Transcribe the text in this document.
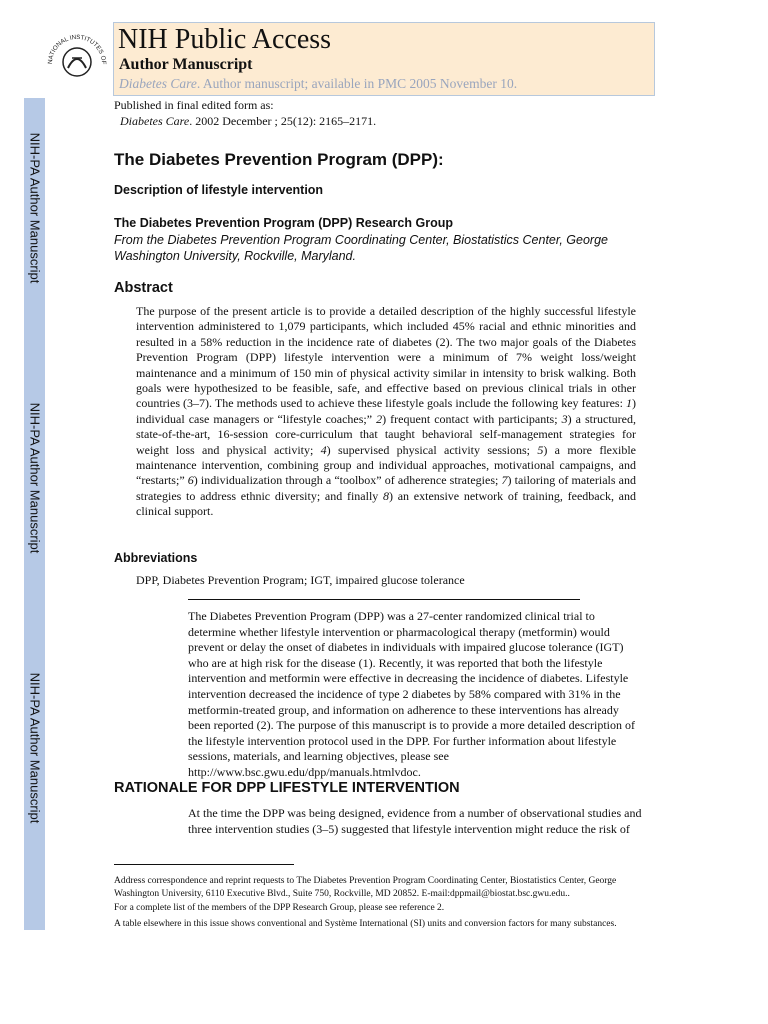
NIH-PA Author Manuscript
NIH-PA Author Manuscript
NIH-PA Author Manuscript
NATIONAL INSTITUTES OF
NIH Public Access
Author Manuscript
Diabetes Care. Author manuscript; available in PMC 2005 November 10.
Published in final edited form as:
Diabetes Care. 2002 December ; 25(12): 2165–2171.
The Diabetes Prevention Program (DPP):
Description of lifestyle intervention
The Diabetes Prevention Program (DPP) Research Group
From the Diabetes Prevention Program Coordinating Center, Biostatistics Center, George Washington University, Rockville, Maryland.
Abstract
The purpose of the present article is to provide a detailed description of the highly successful lifestyle intervention administered to 1,079 participants, which included 45% racial and ethnic minorities and resulted in a 58% reduction in the incidence rate of diabetes (2). The two major goals of the Diabetes Prevention Program (DPP) lifestyle intervention were a minimum of 7% weight loss/weight maintenance and a minimum of 150 min of physical activity similar in intensity to brisk walking. Both goals were hypothesized to be feasible, safe, and effective based on previous clinical trials in other countries (3–7). The methods used to achieve these lifestyle goals include the following key features: 1) individual case managers or “lifestyle coaches;” 2) frequent contact with participants; 3) a structured, state-of-the-art, 16-session core-curriculum that taught behavioral self-management strategies for weight loss and physical activity; 4) supervised physical activity sessions; 5) a more flexible maintenance intervention, combining group and individual approaches, motivational campaigns, and “restarts;” 6) individualization through a “toolbox” of adherence strategies; 7) tailoring of materials and strategies to address ethnic diversity; and finally 8) an extensive network of training, feedback, and clinical support.
Abbreviations
DPP, Diabetes Prevention Program; IGT, impaired glucose tolerance
The Diabetes Prevention Program (DPP) was a 27-center randomized clinical trial to determine whether lifestyle intervention or pharmacological therapy (metformin) would prevent or delay the onset of diabetes in individuals with impaired glucose tolerance (IGT) who are at high risk for the disease (1). Recently, it was reported that both the lifestyle intervention and metformin were effective in decreasing the incidence of diabetes. Lifestyle intervention decreased the incidence of type 2 diabetes by 58% compared with 31% in the metformin-treated group, and information on adherence to these interventions has already been reported (2). The purpose of this manuscript is to provide a more detailed description of the lifestyle intervention protocol used in the DPP. For further information about lifestyle sessions, materials, and learning objectives, please see http://www.bsc.gwu.edu/dpp/manuals.htmlvdoc.
RATIONALE FOR DPP LIFESTYLE INTERVENTION
At the time the DPP was being designed, evidence from a number of observational studies and three intervention studies (3–5) suggested that lifestyle intervention might reduce the risk of
Address correspondence and reprint requests to The Diabetes Prevention Program Coordinating Center, Biostatistics Center, George Washington University, 6110 Executive Blvd., Suite 750, Rockville, MD 20852. E-mail:dppmail@biostat.bsc.gwu.edu..
For a complete list of the members of the DPP Research Group, please see reference 2.
A table elsewhere in this issue shows conventional and Système International (SI) units and conversion factors for many substances.
